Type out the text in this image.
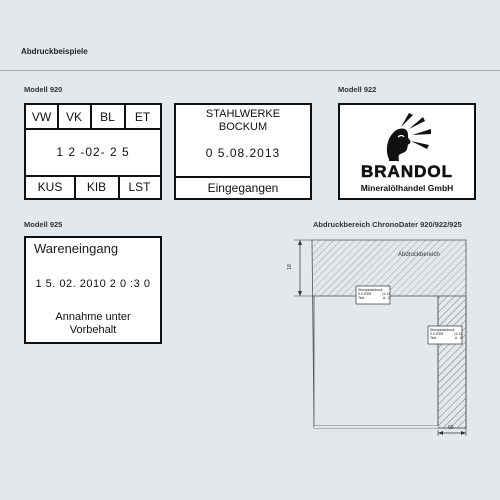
Abdruckbeispiele
Modell 920
VW	VK	BL	ET
1 2 -02- 2 5
KUS	KIB	LST
STAHLWERKE
BOCKUM
0 5.08.2013
Eingegangen
Modell 922
BRANDOL
Mineralölhandel GmbH
Modell 925
Wareneingang
1 5. 02. 2010 2 0 :3 0
Annahme unter
Vorbehalt
Abdruckbereich ChronoDater 920/922/925
Abdruckbereich
18
60
Stempelabdruck
9.0.2008	11:11
Text	A...Z
Stempelabdruck
9.0.2008	11:11
Text	A...Z
